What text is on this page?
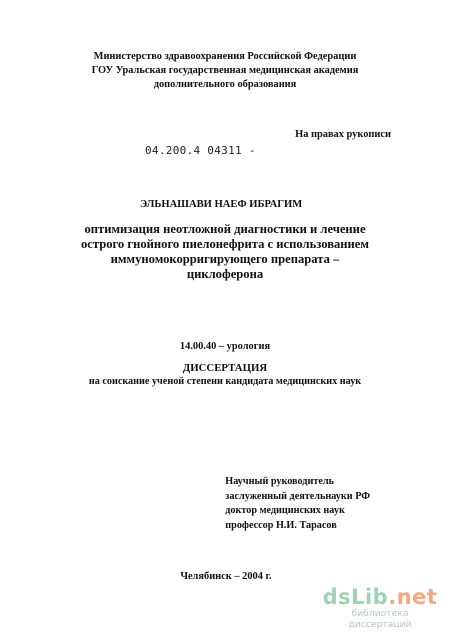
Министерство здравоохранения Российской Федерации
ГОУ Уральская государственная медицинская академия
дополнительного образования
На правах рукописи
04.200.4 04311 -
ЭЛЬНАШАВИ НАЕФ ИБРАГИМ
оптимизация неотложной диагностики и лечение
острого гнойного пиелонефрита с использованием
иммуномокорригирующего препарата –
циклоферона
14.00.40 – урология
ДИССЕРТАЦИЯ
на соискание ученой степени кандидата медицинских наук
Научный руководитель
заслуженный деятельнауки РФ
доктор медицинских наук
профессор Н.И. Тарасов
Челябинск – 2004 г.
dsLib.net
библиотека диссертаций
